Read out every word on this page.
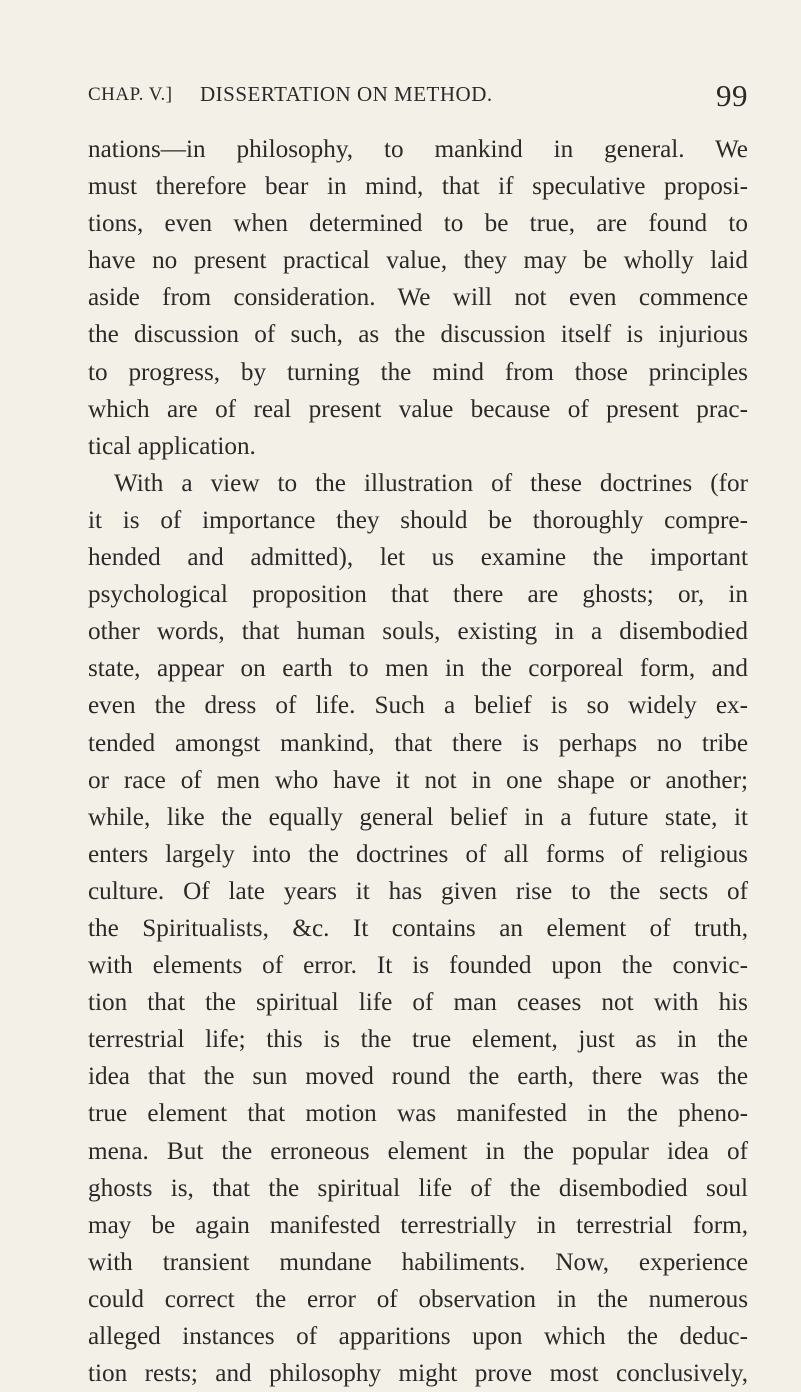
CHAP. V.] DISSERTATION ON METHOD.	99
nations—in philosophy, to mankind in general. We
must therefore bear in mind, that if speculative proposi-
tions, even when determined to be true, are found to
have no present practical value, they may be wholly laid
aside from consideration. We will not even commence
the discussion of such, as the discussion itself is injurious
to progress, by turning the mind from those principles
which are of real present value because of present prac-
tical application.
With a view to the illustration of these doctrines (for
it is of importance they should be thoroughly compre-
hended and admitted), let us examine the important
psychological proposition that there are ghosts; or, in
other words, that human souls, existing in a disembodied
state, appear on earth to men in the corporeal form, and
even the dress of life. Such a belief is so widely ex-
tended amongst mankind, that there is perhaps no tribe
or race of men who have it not in one shape or another;
while, like the equally general belief in a future state, it
enters largely into the doctrines of all forms of religious
culture. Of late years it has given rise to the sects of
the Spiritualists, &c. It contains an element of truth,
with elements of error. It is founded upon the convic-
tion that the spiritual life of man ceases not with his
terrestrial life; this is the true element, just as in the
idea that the sun moved round the earth, there was the
true element that motion was manifested in the pheno-
mena. But the erroneous element in the popular idea of
ghosts is, that the spiritual life of the disembodied soul
may be again manifested terrestrially in terrestrial form,
with transient mundane habiliments. Now, experience
could correct the error of observation in the numerous
alleged instances of apparitions upon which the deduc-
tion rests; and philosophy might prove most conclusively,
